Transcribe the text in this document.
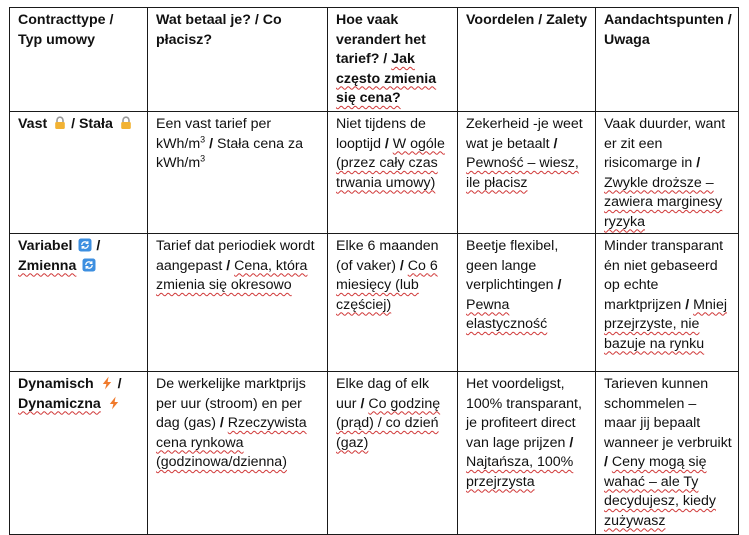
Contracttype / Typ umowy	Wat betaal je? / Co płacisz?	Hoe vaak verandert het tarief? / Jak często zmienia się cena?	Voordelen / Zalety	Aandachtspunten / Uwaga
Vast  / Stała	Een vast tarief per kWh/$m^3$ / Stała cena za kWh/$m^3$	Niet tijdens de looptijd / W ogóle (przez cały czas trwania umowy)	Zekerheid -je weet wat je betaalt / Pewność – wiesz, ile płacisz	Vaak duurder, want er zit een risicomarge in / Zwykle droższe – zawiera marginesy ryzyka
Variabel  / Zmienna	Tarief dat periodiek wordt aangepast / Cena, która zmienia się okresowo	Elke 6 maanden (of vaker) / Co 6 miesięcy (lub częściej)	Beetje flexibel, geen lange verplichtingen / Pewna elastyczność	Minder transparant én niet gebaseerd op echte marktprijzen / Mniej przejrzyste, nie bazuje na rynku
Dynamisch  / Dynamiczna	De werkelijke marktprijs per uur (stroom) en per dag (gas) / Rzeczywista cena rynkowa (godzinowa/dzienna)	Elke dag of elk uur / Co godzinę (prąd) / co dzień (gaz)	Het voordeligst, 100% transparant, je profiteert direct van lage prijzen / Najtańsza, 100% przejrzysta	Tarieven kunnen schommelen – maar jij bepaalt wanneer je verbruikt / Ceny mogą się wahać – ale Ty decydujesz, kiedy zużywasz
